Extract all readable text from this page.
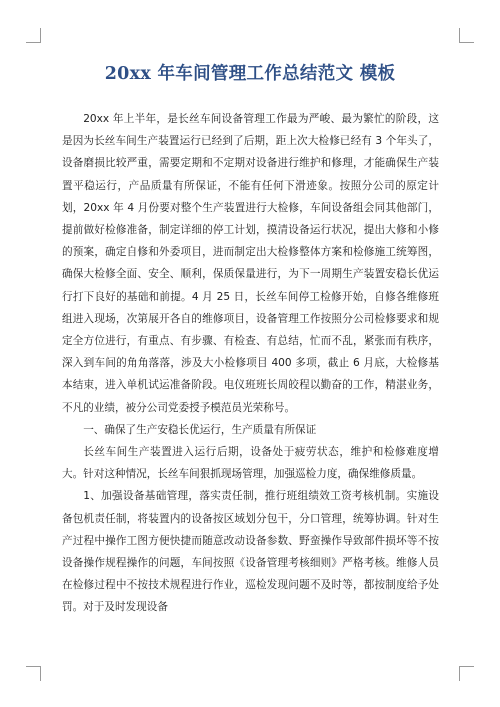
20xx 年车间管理工作总结范文 模板

20xx 年上半年，是长丝车间设备管理工作最为严峻、最为繁忙的阶段，这是因为长丝车间生产装置运行已经到了后期，距上次大检修已经有 3 个年头了，设备磨损比较严重，需要定期和不定期对设备进行维护和修理，才能确保生产装置平稳运行，产品质量有所保证，不能有任何下滑迹象。按照分公司的原定计划，20xx 年 4 月份要对整个生产装置进行大检修，车间设备组会同其他部门，提前做好检修准备，制定详细的停工计划，摸清设备运行状况，提出大修和小修的预案，确定自修和外委项目，进而制定出大检修整体方案和检修施工统筹图，确保大检修全面、安全、顺利，保质保量进行，为下一周期生产装置安稳长优运行打下良好的基础和前提。4 月 25 日，长丝车间停工检修开始，自修各维修班组进入现场，次第展开各自的维修项目，设备管理工作按照分公司检修要求和规定全方位进行，有重点、有步骤、有检查、有总结，忙而不乱，紧张而有秩序，深入到车间的角角落落，涉及大小检修项目 400 多项，截止 6 月底，大检修基本结束，进入单机试运准备阶段。电仪班班长周皎程以勤奋的工作，精湛业务，不凡的业绩，被分公司党委授予模范员光荣称号。

一、确保了生产安稳长优运行，生产质量有所保证

长丝车间生产装置进入运行后期，设备处于疲劳状态，维护和检修难度增大。针对这种情况，长丝车间狠抓现场管理，加强巡检力度，确保维修质量。

1、加强设备基础管理，落实责任制，推行班组绩效工资考核机制。实施设备包机责任制，将装置内的设备按区域划分包干，分口管理，统筹协调。针对生产过程中操作工图方便快捷而随意改动设备参数、野蛮操作导致部件损坏等不按设备操作规程操作的问题，车间按照《设备管理考核细则》严格考核。维修人员在检修过程中不按技术规程进行作业，巡检发现问题不及时等，都按制度给予处罚。对于及时发现设备
